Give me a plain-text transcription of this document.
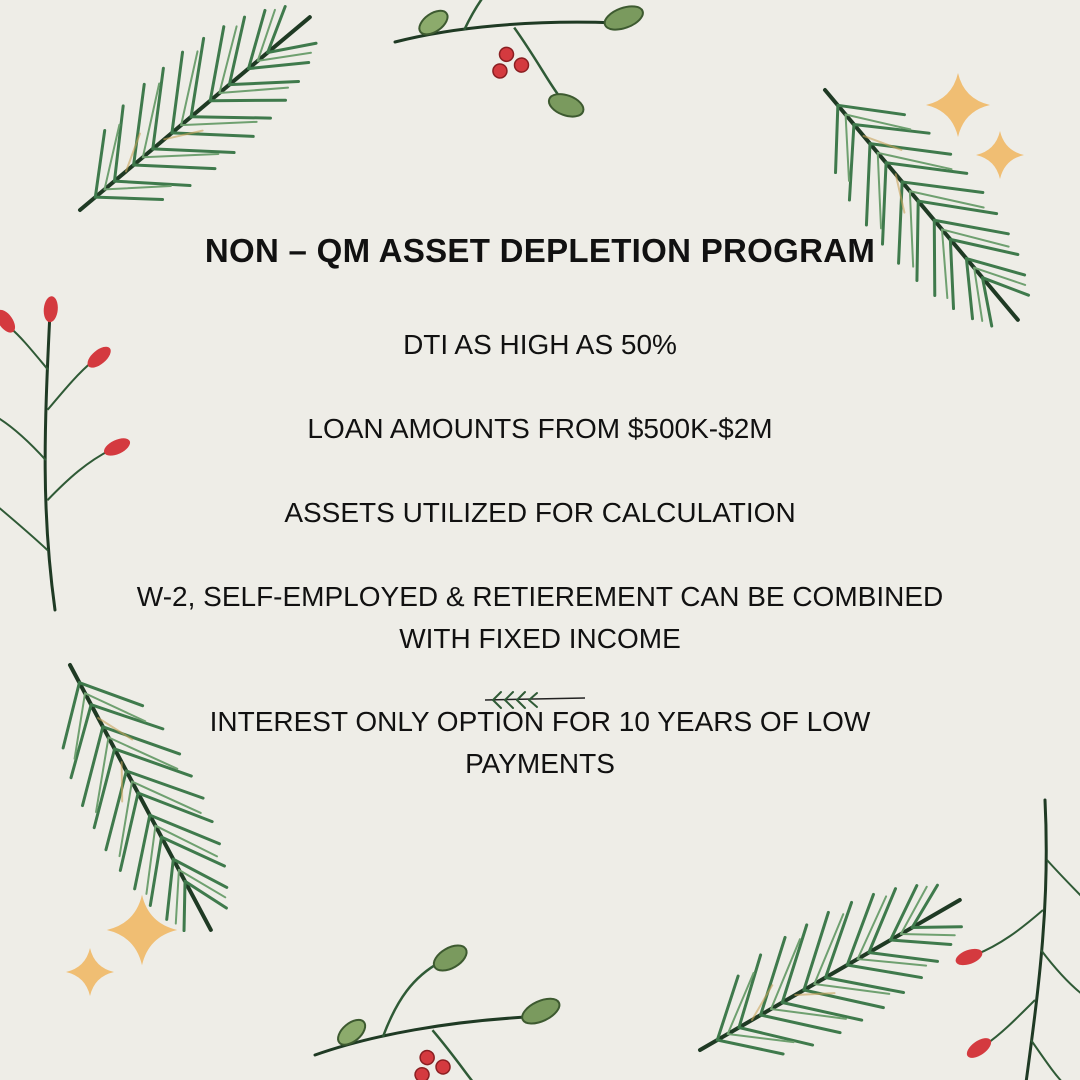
NON – QM ASSET DEPLETION PROGRAM

DTI AS HIGH AS 50%

LOAN AMOUNTS FROM $500K-$2M

ASSETS UTILIZED FOR CALCULATION

W-2, SELF-EMPLOYED & RETIEREMENT CAN BE COMBINED WITH FIXED INCOME

INTEREST ONLY OPTION FOR 10 YEARS OF LOW PAYMENTS
